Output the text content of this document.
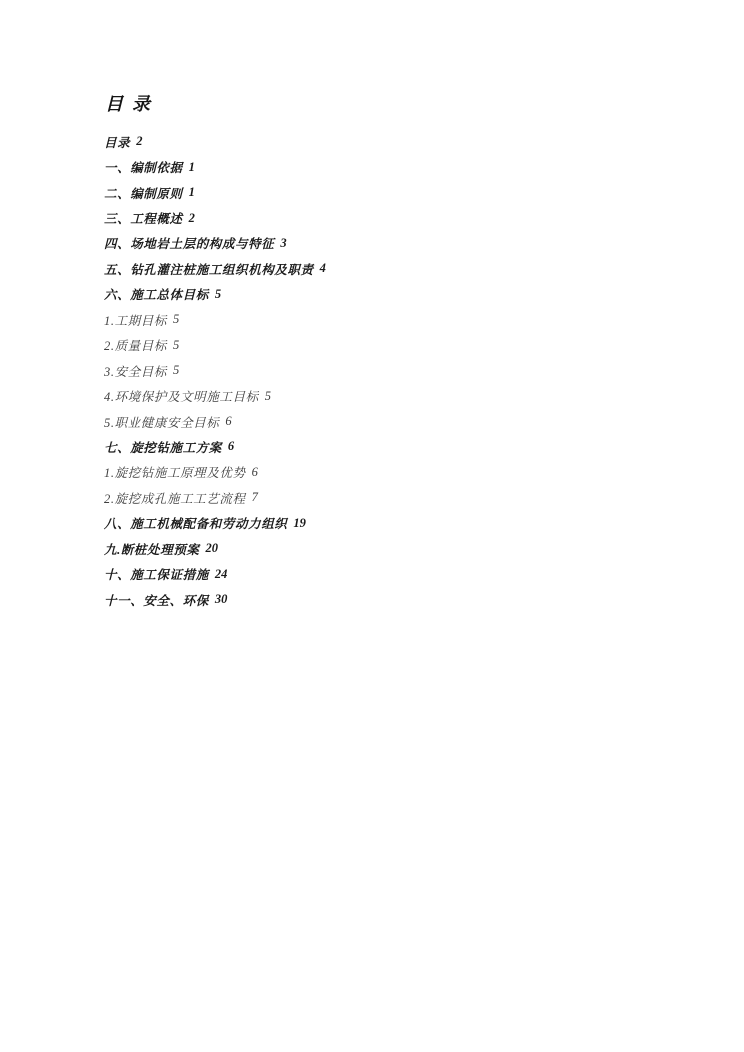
目录
目录 2
一、编制依据 1
二、编制原则 1
三、工程概述 2
四、场地岩土层的构成与特征 3
五、钻孔灌注桩施工组织机构及职责 4
六、施工总体目标 5
1.工期目标 5
2.质量目标 5
3.安全目标 5
4.环境保护及文明施工目标 5
5.职业健康安全目标 6
七、旋挖钻施工方案 6
1.旋挖钻施工原理及优势 6
2.旋挖成孔施工工艺流程 7
八、施工机械配备和劳动力组织 19
九.断桩处理预案 20
十、施工保证措施 24
十一、安全、环保 30
